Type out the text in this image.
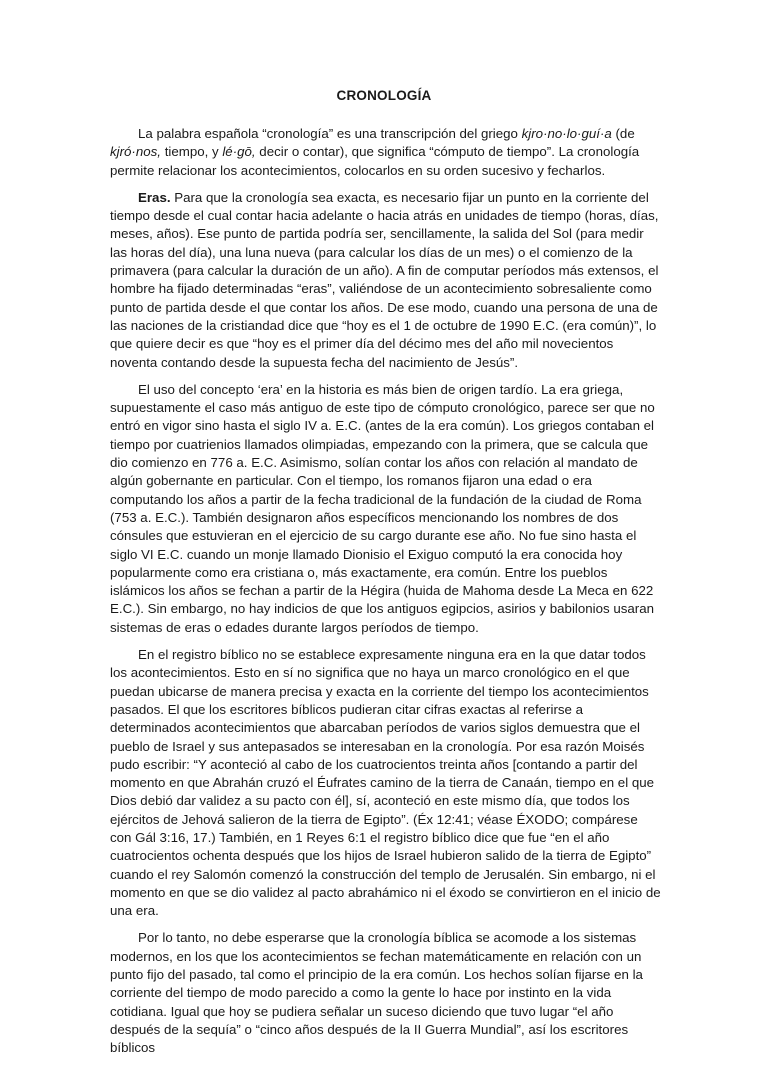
CRONOLOGÍA

La palabra española “cronología” es una transcripción del griego kjro·no·lo·guí·a (de kjró·nos, tiempo, y lé·gō, decir o contar), que significa “cómputo de tiempo”. La cronología permite relacionar los acontecimientos, colocarlos en su orden sucesivo y fecharlos.

Eras. Para que la cronología sea exacta, es necesario fijar un punto en la corriente del tiempo desde el cual contar hacia adelante o hacia atrás en unidades de tiempo (horas, días, meses, años). Ese punto de partida podría ser, sencillamente, la salida del Sol (para medir las horas del día), una luna nueva (para calcular los días de un mes) o el comienzo de la primavera (para calcular la duración de un año). A fin de computar períodos más extensos, el hombre ha fijado determinadas “eras”, valiéndose de un acontecimiento sobresaliente como punto de partida desde el que contar los años. De ese modo, cuando una persona de una de las naciones de la cristiandad dice que “hoy es el 1 de octubre de 1990 E.C. (era común)”, lo que quiere decir es que “hoy es el primer día del décimo mes del año mil novecientos noventa contando desde la supuesta fecha del nacimiento de Jesús”.

El uso del concepto ‘era’ en la historia es más bien de origen tardío. La era griega, supuestamente el caso más antiguo de este tipo de cómputo cronológico, parece ser que no entró en vigor sino hasta el siglo IV a. E.C. (antes de la era común). Los griegos contaban el tiempo por cuatrienios llamados olimpiadas, empezando con la primera, que se calcula que dio comienzo en 776 a. E.C. Asimismo, solían contar los años con relación al mandato de algún gobernante en particular. Con el tiempo, los romanos fijaron una edad o era computando los años a partir de la fecha tradicional de la fundación de la ciudad de Roma (753 a. E.C.). También designaron años específicos mencionando los nombres de dos cónsules que estuvieran en el ejercicio de su cargo durante ese año. No fue sino hasta el siglo VI E.C. cuando un monje llamado Dionisio el Exiguo computó la era conocida hoy popularmente como era cristiana o, más exactamente, era común. Entre los pueblos islámicos los años se fechan a partir de la Hégira (huida de Mahoma desde La Meca en 622 E.C.). Sin embargo, no hay indicios de que los antiguos egipcios, asirios y babilonios usaran sistemas de eras o edades durante largos períodos de tiempo.

En el registro bíblico no se establece expresamente ninguna era en la que datar todos los acontecimientos. Esto en sí no significa que no haya un marco cronológico en el que puedan ubicarse de manera precisa y exacta en la corriente del tiempo los acontecimientos pasados. El que los escritores bíblicos pudieran citar cifras exactas al referirse a determinados acontecimientos que abarcaban períodos de varios siglos demuestra que el pueblo de Israel y sus antepasados se interesaban en la cronología. Por esa razón Moisés pudo escribir: “Y aconteció al cabo de los cuatrocientos treinta años [contando a partir del momento en que Abrahán cruzó el Éufrates camino de la tierra de Canaán, tiempo en el que Dios debió dar validez a su pacto con él], sí, aconteció en este mismo día, que todos los ejércitos de Jehová salieron de la tierra de Egipto”. (Éx 12:41; véase ÉXODO; compárese con Gál 3:16, 17.) También, en 1 Reyes 6:1 el registro bíblico dice que fue “en el año cuatrocientos ochenta después que los hijos de Israel hubieron salido de la tierra de Egipto” cuando el rey Salomón comenzó la construcción del templo de Jerusalén. Sin embargo, ni el momento en que se dio validez al pacto abrahámico ni el éxodo se convirtieron en el inicio de una era.

Por lo tanto, no debe esperarse que la cronología bíblica se acomode a los sistemas modernos, en los que los acontecimientos se fechan matemáticamente en relación con un punto fijo del pasado, tal como el principio de la era común. Los hechos solían fijarse en la corriente del tiempo de modo parecido a como la gente lo hace por instinto en la vida cotidiana. Igual que hoy se pudiera señalar un suceso diciendo que tuvo lugar “el año después de la sequía” o “cinco años después de la II Guerra Mundial”, así los escritores bíblicos
